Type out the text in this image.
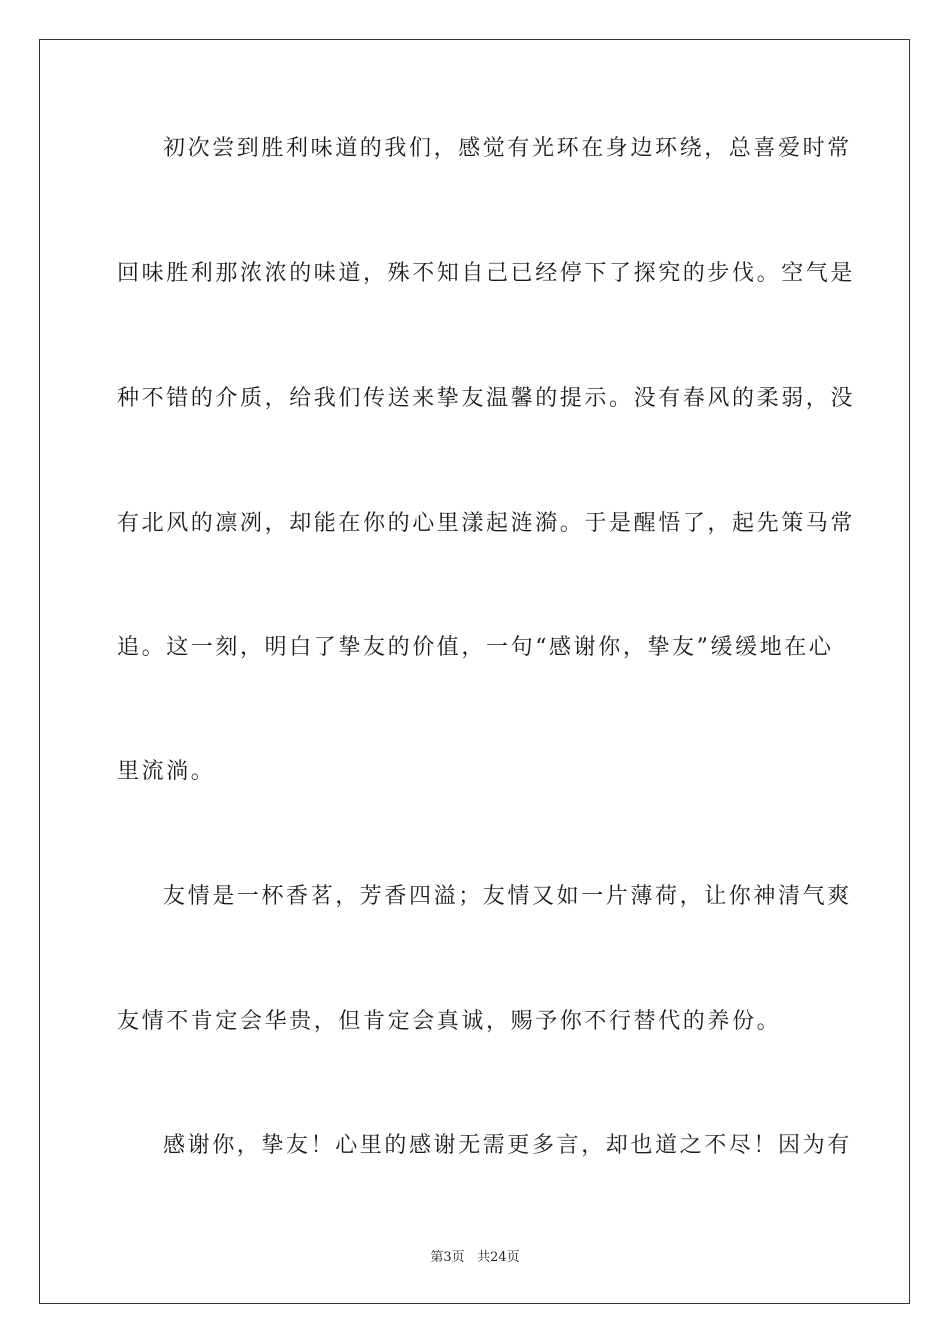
初次尝到胜利味道的我们，感觉有光环在身边环绕，总喜爱时常
回味胜利那浓浓的味道，殊不知自己已经停下了探究的步伐。空气是
种不错的介质，给我们传送来挚友温馨的提示。没有春风的柔弱，没
有北风的凛冽，却能在你的心里漾起涟漪。于是醒悟了，起先策马常
追。这一刻，明白了挚友的价值，一句“感谢你，挚友”缓缓地在心
里流淌。
友情是一杯香茗，芳香四溢；友情又如一片薄荷，让你神清气爽
友情不肯定会华贵，但肯定会真诚，赐予你不行替代的养份。
感谢你，挚友！心里的感谢无需更多言，却也道之不尽！因为有
第3页 共24页
